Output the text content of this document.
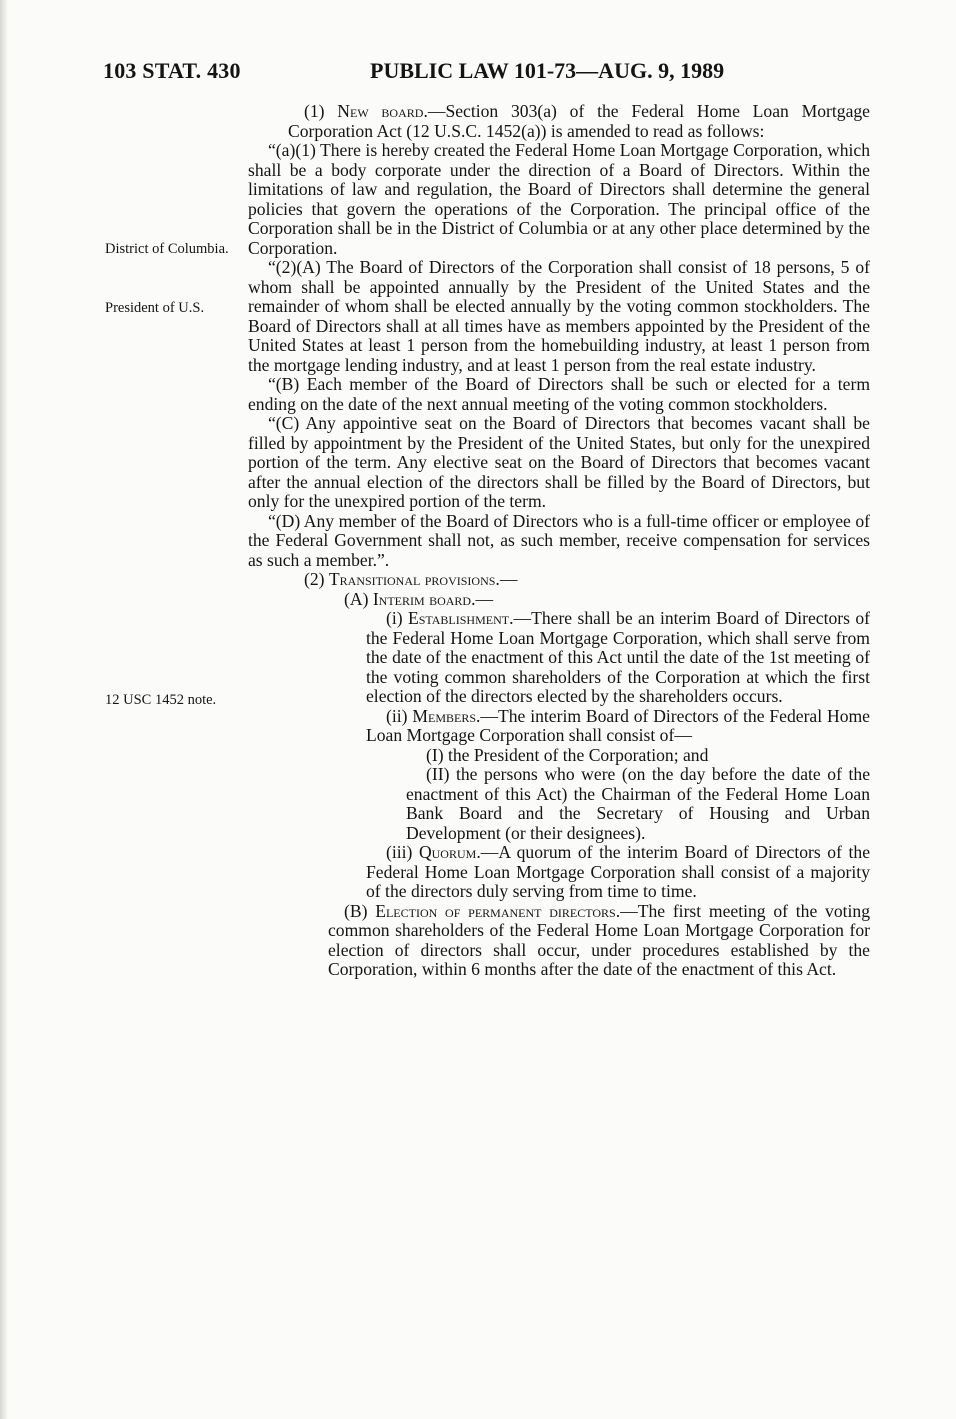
103 STAT. 430	PUBLIC LAW 101-73—AUG. 9, 1989
District of Columbia.
President of U.S.
12 USC 1452 note.

(1) New board.—Section 303(a) of the Federal Home Loan Mortgage Corporation Act (12 U.S.C. 1452(a)) is amended to read as follows:

“(a)(1) There is hereby created the Federal Home Loan Mortgage Corporation, which shall be a body corporate under the direction of a Board of Directors. Within the limitations of law and regulation, the Board of Directors shall determine the general policies that govern the operations of the Corporation. The principal office of the Corporation shall be in the District of Columbia or at any other place determined by the Corporation.

“(2)(A) The Board of Directors of the Corporation shall consist of 18 persons, 5 of whom shall be appointed annually by the President of the United States and the remainder of whom shall be elected annually by the voting common stockholders. The Board of Directors shall at all times have as members appointed by the President of the United States at least 1 person from the homebuilding industry, at least 1 person from the mortgage lending industry, and at least 1 person from the real estate industry.

“(B) Each member of the Board of Directors shall be such or elected for a term ending on the date of the next annual meeting of the voting common stockholders.

“(C) Any appointive seat on the Board of Directors that becomes vacant shall be filled by appointment by the President of the United States, but only for the unexpired portion of the term. Any elective seat on the Board of Directors that becomes vacant after the annual election of the directors shall be filled by the Board of Directors, but only for the unexpired portion of the term.

“(D) Any member of the Board of Directors who is a full-time officer or employee of the Federal Government shall not, as such member, receive compensation for services as such a member.”.

(2) Transitional provisions.—

(A) Interim board.—

(i) Establishment.—There shall be an interim Board of Directors of the Federal Home Loan Mortgage Corporation, which shall serve from the date of the enactment of this Act until the date of the 1st meeting of the voting common shareholders of the Corporation at which the first election of the directors elected by the shareholders occurs.

(ii) Members.—The interim Board of Directors of the Federal Home Loan Mortgage Corporation shall consist of—

(I) the President of the Corporation; and

(II) the persons who were (on the day before the date of the enactment of this Act) the Chairman of the Federal Home Loan Bank Board and the Secretary of Housing and Urban Development (or their designees).

(iii) Quorum.—A quorum of the interim Board of Directors of the Federal Home Loan Mortgage Corporation shall consist of a majority of the directors duly serving from time to time.

(B) Election of permanent directors.—The first meeting of the voting common shareholders of the Federal Home Loan Mortgage Corporation for election of directors shall occur, under procedures established by the Corporation, within 6 months after the date of the enactment of this Act.
